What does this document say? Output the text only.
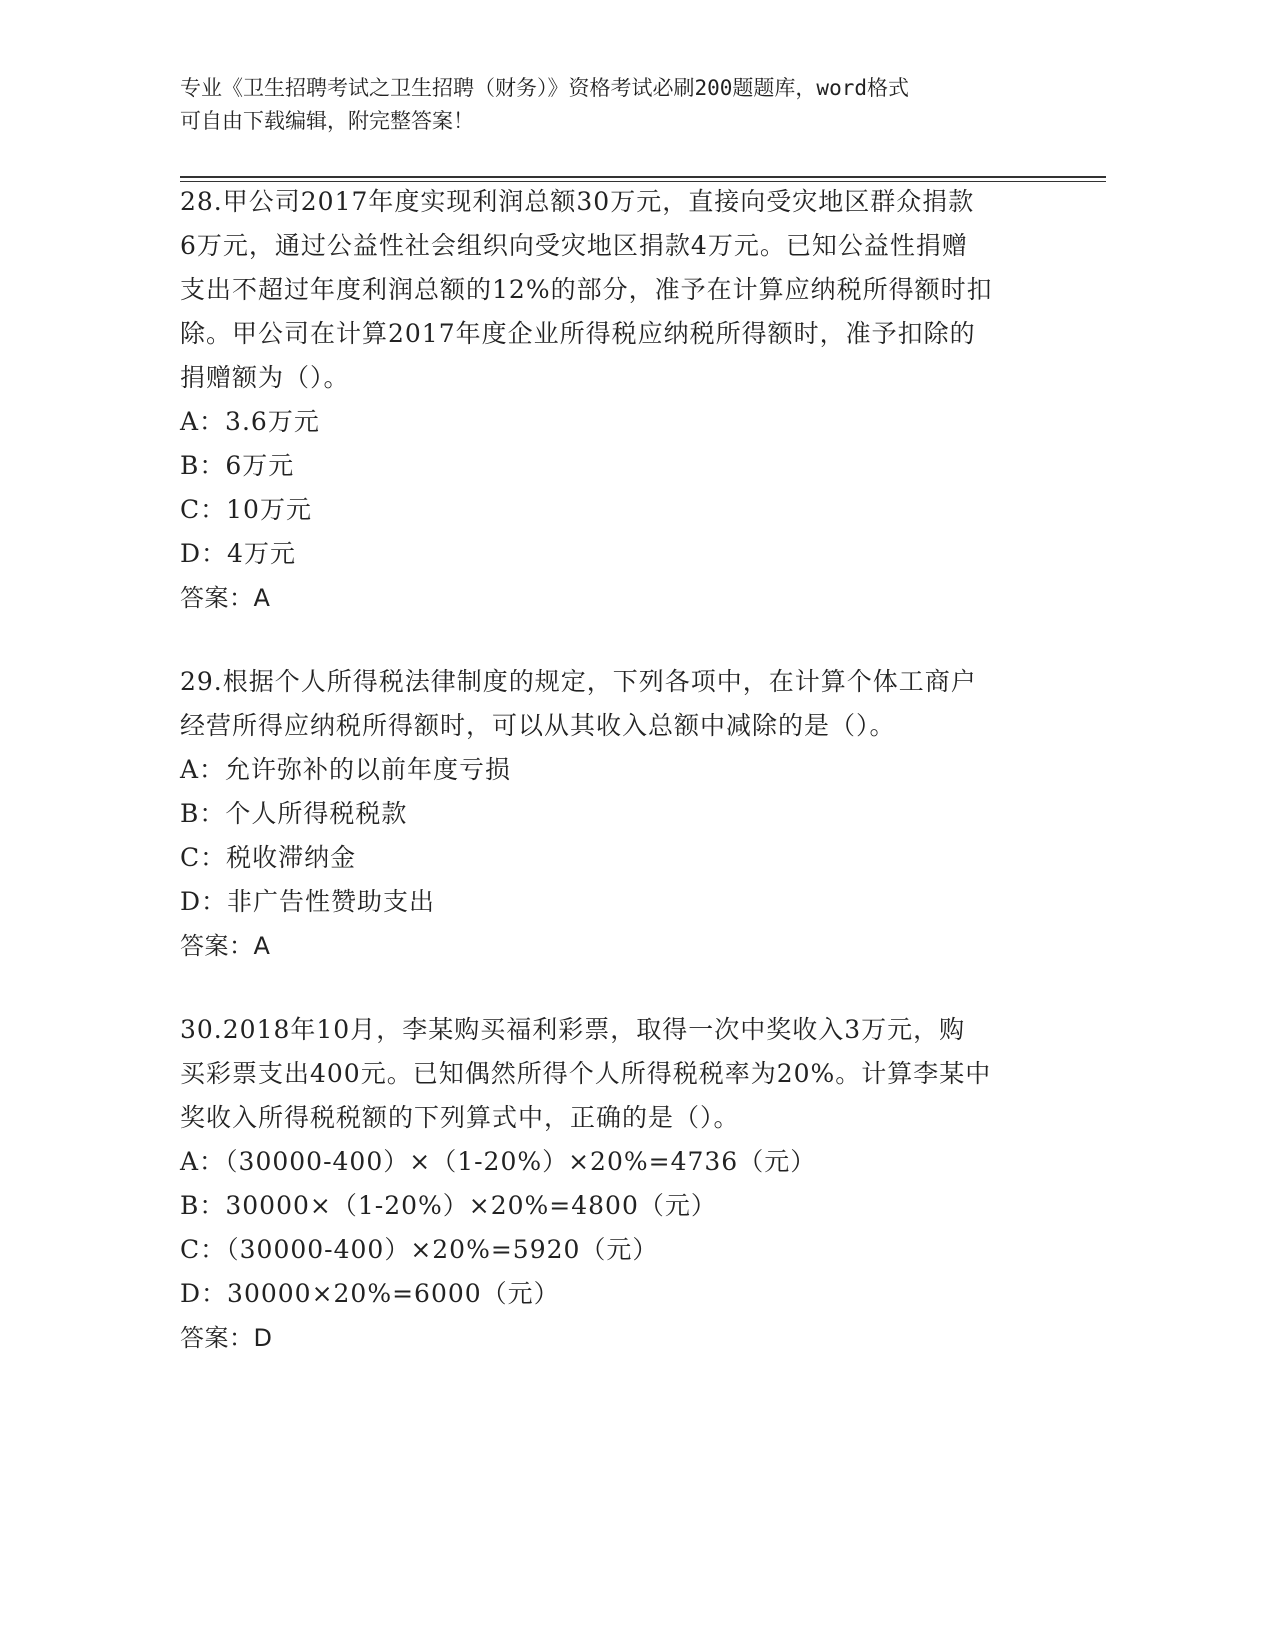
专业《卫生招聘考试之卫生招聘（财务）》资格考试必刷200题题库，word格式
可自由下载编辑，附完整答案！
28.甲公司2017年度实现利润总额30万元，直接向受灾地区群众捐款
6万元，通过公益性社会组织向受灾地区捐款4万元。已知公益性捐赠
支出不超过年度利润总额的12%的部分，准予在计算应纳税所得额时扣
除。甲公司在计算2017年度企业所得税应纳税所得额时，准予扣除的
捐赠额为（）。
A：3.6万元
B：6万元
C：10万元
D：4万元
答案：A
29.根据个人所得税法律制度的规定，下列各项中，在计算个体工商户
经营所得应纳税所得额时，可以从其收入总额中减除的是（）。
A：允许弥补的以前年度亏损
B：个人所得税税款
C：税收滞纳金
D：非广告性赞助支出
答案：A
30.2018年10月，李某购买福利彩票，取得一次中奖收入3万元，购
买彩票支出400元。已知偶然所得个人所得税税率为20%。计算李某中
奖收入所得税税额的下列算式中，正确的是（）。
A：（30000-400）×（1-20%）×20%=4736（元）
B：30000×（1-20%）×20%=4800（元）
C：（30000-400）×20%=5920（元）
D：30000×20%=6000（元）
答案：D
